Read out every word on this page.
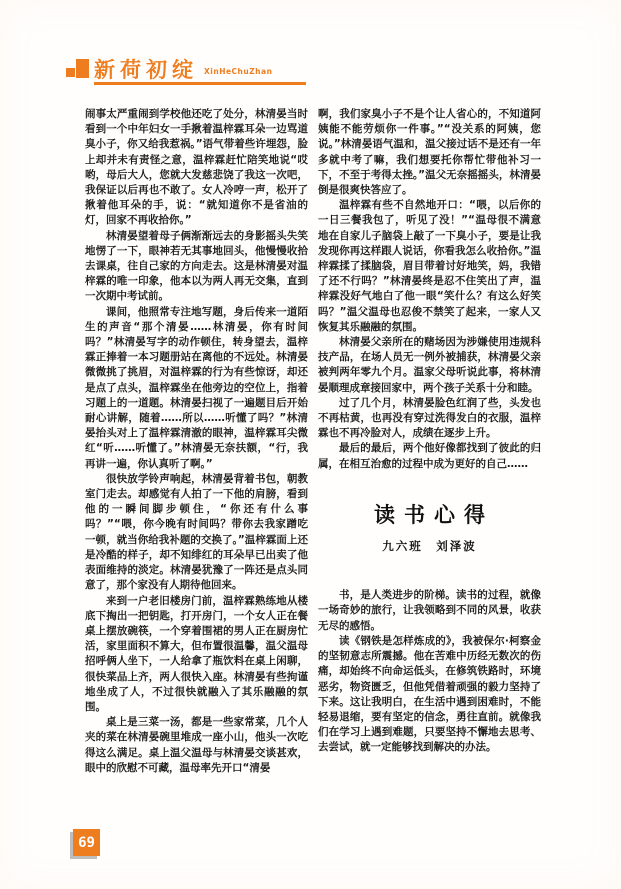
新荷初绽 XinHeChuZhan

闹事太严重闹到学校他还吃了处分，林清晏当时看到一个中年妇女一手揪着温梓霖耳朵一边骂道臭小子，你又给我惹祸。”语气带着些许埋怨，脸上却并未有责怪之意，温梓霖赶忙陪笑地说“哎哟，母后大人，您就大发慈悲饶了我这一次吧，我保证以后再也不敢了。女人冷哼一声，松开了揪着他耳朵的手，说：“就知道你不是省油的灯，回家不再收拾你。”

林清晏望着母子俩渐渐远去的身影摇头失笑地愣了一下，眼神若无其事地回头，他慢慢收拾去课桌，往自己家的方向走去。这是林清晏对温梓霖的唯一印象，他本以为两人再无交集，直到一次期中考试前。

课间，他照常专注地写题，身后传来一道陌生的声音“那个清晏……林清晏，你有时间吗？”林清晏写字的动作顿住，转身望去，温梓霖正捧着一本习题册站在离他的不远处。林清晏微微挑了挑眉，对温梓霖的行为有些惊讶，却还是点了点头，温梓霖坐在他旁边的空位上，指着习题上的一道题。林清晏扫视了一遍题目后开始耐心讲解，随着……所以……听懂了吗？”林清晏抬头对上了温梓霖清澈的眼神，温梓霖耳尖微红“听……听懂了。”林清晏无奈扶额，“行，我再讲一遍，你认真听了啊。”

很快放学铃声响起，林清晏背着书包，朝教室门走去。却感觉有人拍了一下他的肩膀，看到他的一瞬间脚步顿住，“你还有什么事吗？”“喂，你今晚有时间吗？带你去我家蹭吃一顿，就当你给我补题的交换了。”温梓霖面上还是冷酷的样子，却不知绯红的耳朵早已出卖了他表面维持的淡定。林清晏犹豫了一阵还是点头同意了，那个家没有人期待他回来。

来到一户老旧楼房门前，温梓霖熟练地从楼底下掏出一把钥匙，打开房门，一个女人正在餐桌上摆放碗筷，一个穿着围裙的男人正在厨房忙活，家里面积不算大，但布置很温馨，温父温母招呼俩人坐下，一人给拿了瓶饮料在桌上闲聊，很快菜品上齐，两人很快入座。林清晏有些拘谨地坐成了人，不过很快就融入了其乐融融的氛围。

桌上是三菜一汤，都是一些家常菜，几个人夹的菜在林清晏碗里堆成一座小山，他头一次吃得这么满足。桌上温父温母与林清晏交谈甚欢，眼中的欣慰不可藏，温母率先开口“清晏

啊，我们家臭小子不是个让人省心的，不知道阿姨能不能劳烦你一件事。”“没关系的阿姨，您说。”林清晏语气温和，温父接过话不是还有一年多就中考了嘛，我们想要托你帮忙带他补习一下，不至于考得太挫。”温父无奈摇摇头，林清晏倒是很爽快答应了。

温梓霖有些不自然地开口：“喂，以后你的一日三餐我包了，听见了没！”“温母很不满意地在自家儿子脑袋上敲了一下臭小子，要是让我发现你再这样跟人说话，你看我怎么收拾你。”温梓霖揉了揉脑袋，眉目带着讨好地笑，妈，我错了还不行吗？”林清晏终是忍不住笑出了声，温梓霖没好气地白了他一眼“笑什么？有这么好笑吗？”温父温母也忍俊不禁笑了起来，一家人又恢复其乐融融的氛围。

林清晏父亲所在的赌场因为涉嫌使用违规科技产品，在场人员无一例外被捕获，林清晏父亲被判两年零九个月。温家父母听说此事，将林清晏顺理成章接回家中，两个孩子关系十分和睦。

过了几个月，林清晏脸色红润了些，头发也不再枯黄，也再没有穿过洗得发白的衣服，温梓霖也不再冷脸对人，成绩在逐步上升。

最后的最后，两个他好像都找到了彼此的归属，在相互治愈的过程中成为更好的自己……

读书心得
九六班　刘泽波

书，是人类进步的阶梯。读书的过程，就像一场奇妙的旅行，让我领略到不同的风景，收获无尽的感悟。

读《钢铁是怎样炼成的》，我被保尔·柯察金的坚韧意志所震撼。他在苦难中历经无数次的伤痛，却始终不向命运低头，在修筑铁路时，环境恶劣，物资匮乏，但他凭借着顽强的毅力坚持了下来。这让我明白，在生活中遇到困难时，不能轻易退缩，要有坚定的信念，勇往直前。就像我们在学习上遇到难题，只要坚持不懈地去思考、去尝试，就一定能够找到解决的办法。

69
